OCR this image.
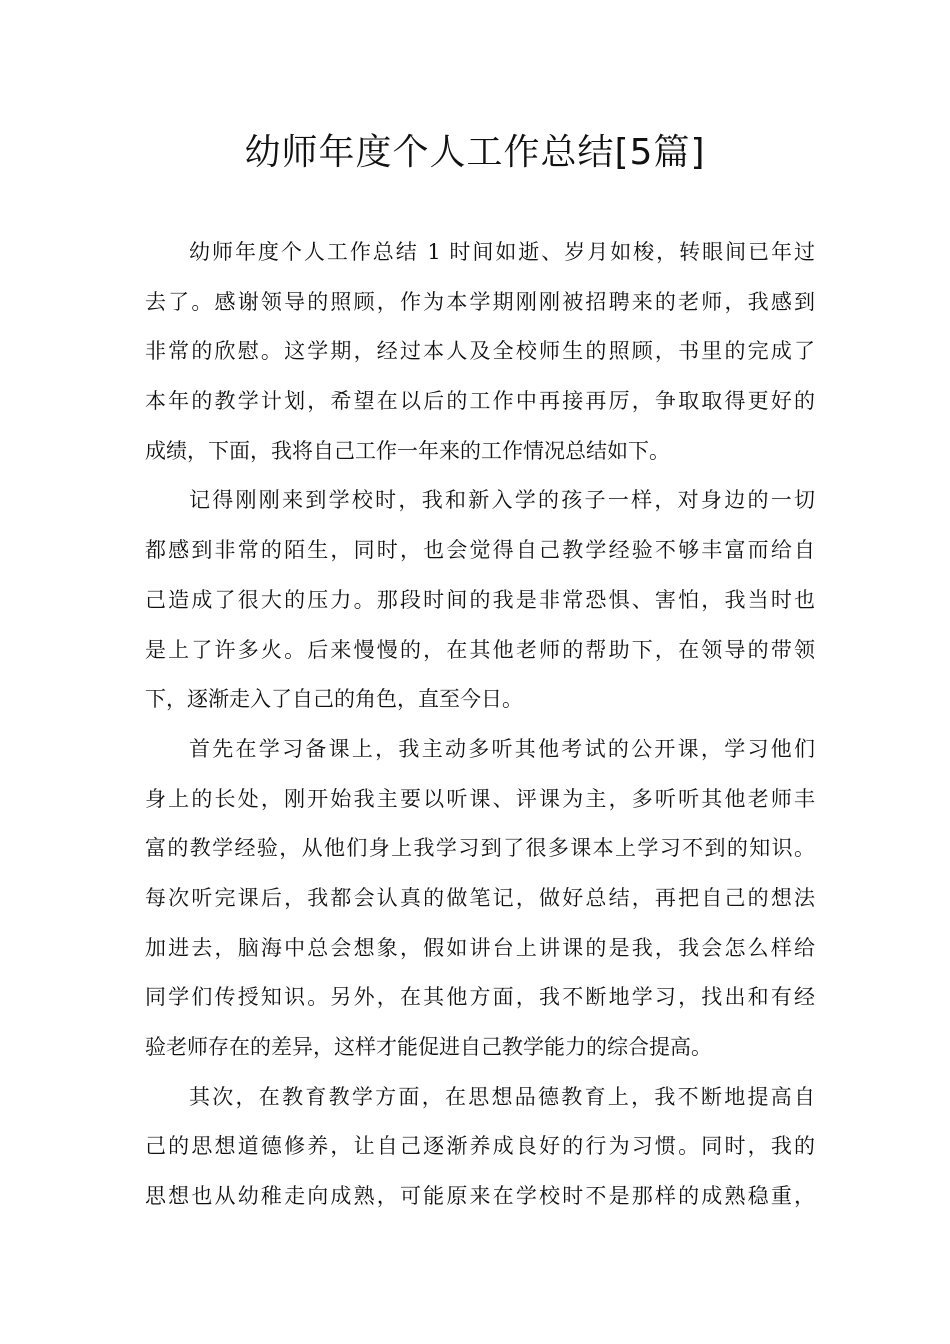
幼师年度个人工作总结[5篇]

幼师年度个人工作总结 1 时间如逝、岁月如梭，转眼间已年过
去了。感谢领导的照顾，作为本学期刚刚被招聘来的老师，我感到
非常的欣慰。这学期，经过本人及全校师生的照顾，书里的完成了
本年的教学计划，希望在以后的工作中再接再厉，争取取得更好的
成绩，下面，我将自己工作一年来的工作情况总结如下。

记得刚刚来到学校时，我和新入学的孩子一样，对身边的一切
都感到非常的陌生，同时，也会觉得自己教学经验不够丰富而给自
己造成了很大的压力。那段时间的我是非常恐惧、害怕，我当时也
是上了许多火。后来慢慢的，在其他老师的帮助下，在领导的带领
下，逐渐走入了自己的角色，直至今日。

首先在学习备课上，我主动多听其他考试的公开课，学习他们
身上的长处，刚开始我主要以听课、评课为主，多听听其他老师丰
富的教学经验，从他们身上我学习到了很多课本上学习不到的知识。
每次听完课后，我都会认真的做笔记，做好总结，再把自己的想法
加进去，脑海中总会想象，假如讲台上讲课的是我，我会怎么样给
同学们传授知识。另外，在其他方面，我不断地学习，找出和有经
验老师存在的差异，这样才能促进自己教学能力的综合提高。

其次，在教育教学方面，在思想品德教育上，我不断地提高自
己的思想道德修养，让自己逐渐养成良好的行为习惯。同时，我的
思想也从幼稚走向成熟，可能原来在学校时不是那样的成熟稳重，
